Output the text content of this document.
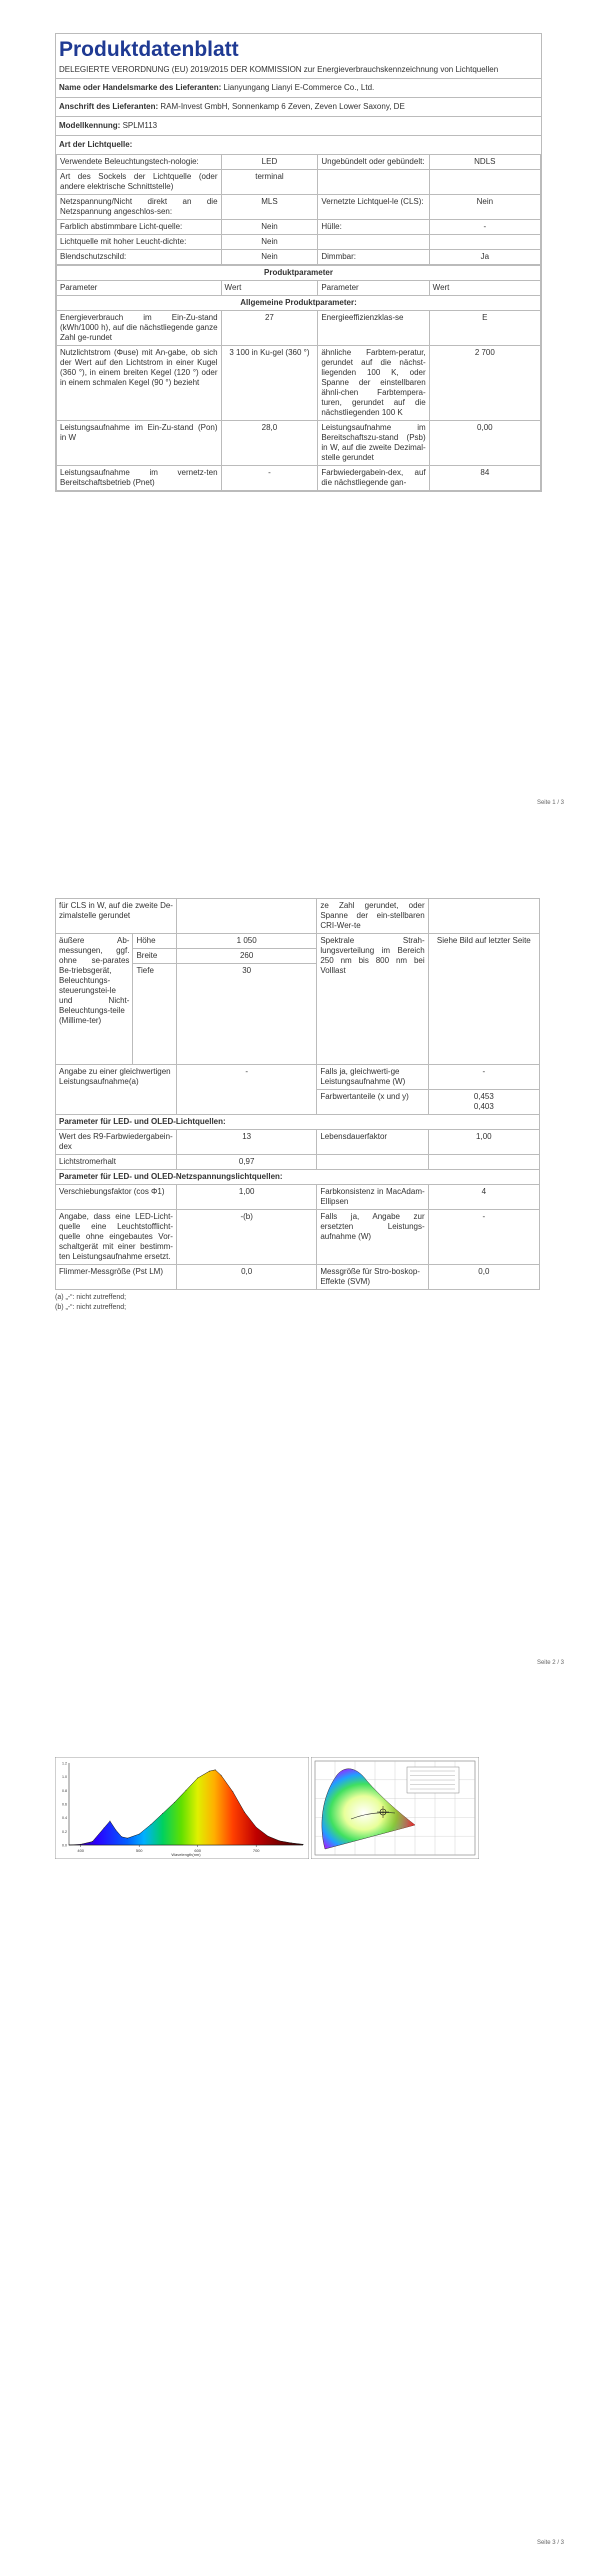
Produktdatenblatt
DELEGIERTE VERORDNUNG (EU) 2019/2015 DER KOMMISSION zur Energieverbrauchskennzeichnung von Lichtquellen
Name oder Handelsmarke des Lieferanten: Lianyungang Lianyi E-Commerce Co., Ltd.
Anschrift des Lieferanten: RAM-Invest GmbH, Sonnenkamp 6 Zeven, Zeven Lower Saxony, DE
Modellkennung: SPLM113
Art der Lichtquelle:
Verwendete Beleuchtungstech-nologie:	LED	Ungebündelt oder gebündelt:	NDLS
Art des Sockels der Lichtquelle (oder andere elektrische Schnittstelle)	terminal		
Netzspannung/Nicht direkt an die Netzspannung angeschlos-sen:	MLS	Vernetzte Lichtquel-le (CLS):	Nein
Farblich abstimmbare Licht-quelle:	Nein	Hülle:	-
Lichtquelle mit hoher Leucht-dichte:	Nein		
Blendschutzschild:	Nein	Dimmbar:	Ja
Produktparameter			
Parameter	Wert	Parameter	Wert
Allgemeine Produktparameter:			
Energieverbrauch im Ein-Zu-stand (kWh/1000 h), auf die nächstliegende ganze Zahl ge-rundet	27	Energieeffizienzklas-se	E
Nutzlichtstrom (Φuse) mit An-gabe, ob sich der Wert auf den Lichtstrom in einer Kugel (360 °), in einem breiten Kegel (120 °) oder in einem schmalen Kegel (90 °) bezieht	3 100 in Ku-gel (360 °)	ähnliche Farbtem-peratur, gerundet auf die nächst-liegenden 100 K, oder Spanne der einstellbaren ähnli-chen Farbtempera-turen, gerundet auf die nächstliegenden 100 K	2 700
Leistungsaufnahme im Ein-Zu-stand (Pon) in W	28,0	Leistungsaufnahme im Bereitschaftszu-stand (Psb) in W, auf die zweite Dezimal-stelle gerundet	0,00
Leistungsaufnahme im vernetz-ten Bereitschaftsbetrieb (Pnet)	-	Farbwiedergabein-dex, auf die nächstliegende gan-	84
Seite 1 / 3
für CLS in W, auf die zweite De-zimalstelle gerundet			ze Zahl gerundet, oder Spanne der ein-stellbaren CRI-Wer-te	
äußere Ab-messungen, ggf. ohne se-parates Be-triebsgerät, Beleuchtungs-steuerungstei-le und Nicht-Beleuchtungs-teile (Millime-ter)	Höhe	1 050	Spektrale Strah-lungsverteilung im Bereich 250 nm bis 800 nm bei Volllast	Siehe Bild auf letzter Seite
	Breite	260		
	Tiefe	30		
Angabe zu einer gleichwertigen Leistungsaufnahme(a)		-	Falls ja, gleichwerti-ge Leistungsaufnahme (W)	-
			Farbwertanteile (x und y)	0,453
0,403

Parameter für LED- und OLED-Lichtquellen:				
Wert des R9-Farbwiedergabein-dex		13	Lebensdauerfaktor	1,00
Lichtstromerhalt		0,97		
Parameter für LED- und OLED-Netzspannungslichtquellen:				
Verschiebungsfaktor (cos Φ1)		1,00	Farbkonsistenz in MacAdam-Ellipsen	4
Angabe, dass eine LED-Licht-quelle eine Leuchtstofflicht-quelle ohne eingebautes Vor-schaltgerät mit einer bestimm-ten Leistungsaufnahme ersetzt.		-(b)	Falls ja, Angabe zur ersetzten Leistungs-aufnahme (W)	-
Flimmer-Messgröße (Pst LM)		0,0	Messgröße für Stro-boskop-Effekte (SVM)	0,0
(a) „-“: nicht zutreffend;
(b) „-“: nicht zutreffend;
Seite 2 / 3
400	500	600	700
0.0
0.2
0.4
0.6
0.8
1.0
1.2
Wavelength(nm)
Seite 3 / 3
